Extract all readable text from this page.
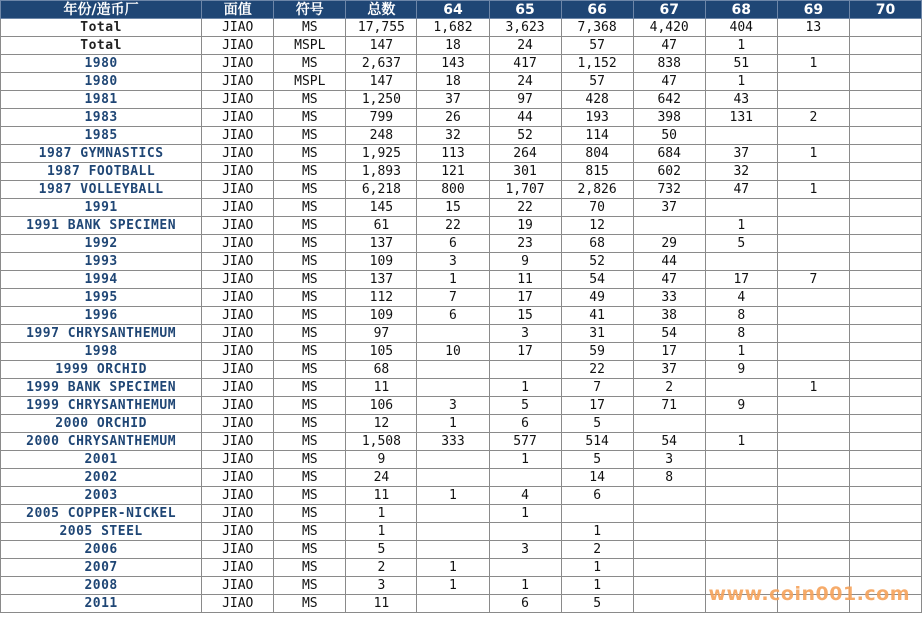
年份/造币厂	面值	符号	总数	64	65	66	67	68	69	70
Total	JIAO	MS	17,755	1,682	3,623	7,368	4,420	404	13	
Total	JIAO	MSPL	147	18	24	57	47	1		
1980	JIAO	MS	2,637	143	417	1,152	838	51	1	
1980	JIAO	MSPL	147	18	24	57	47	1		
1981	JIAO	MS	1,250	37	97	428	642	43		
1983	JIAO	MS	799	26	44	193	398	131	2	
1985	JIAO	MS	248	32	52	114	50			
1987 GYMNASTICS	JIAO	MS	1,925	113	264	804	684	37	1	
1987 FOOTBALL	JIAO	MS	1,893	121	301	815	602	32		
1987 VOLLEYBALL	JIAO	MS	6,218	800	1,707	2,826	732	47	1	
1991	JIAO	MS	145	15	22	70	37			
1991 BANK SPECIMEN	JIAO	MS	61	22	19	12		1		
1992	JIAO	MS	137	6	23	68	29	5		
1993	JIAO	MS	109	3	9	52	44			
1994	JIAO	MS	137	1	11	54	47	17	7	
1995	JIAO	MS	112	7	17	49	33	4		
1996	JIAO	MS	109	6	15	41	38	8		
1997 CHRYSANTHEMUM	JIAO	MS	97		3	31	54	8		
1998	JIAO	MS	105	10	17	59	17	1		
1999 ORCHID	JIAO	MS	68			22	37	9		
1999 BANK SPECIMEN	JIAO	MS	11		1	7	2		1	
1999 CHRYSANTHEMUM	JIAO	MS	106	3	5	17	71	9		
2000 ORCHID	JIAO	MS	12	1	6	5				
2000 CHRYSANTHEMUM	JIAO	MS	1,508	333	577	514	54	1		
2001	JIAO	MS	9		1	5	3			
2002	JIAO	MS	24			14	8			
2003	JIAO	MS	11	1	4	6				
2005 COPPER-NICKEL	JIAO	MS	1		1					
2005 STEEL	JIAO	MS	1			1				
2006	JIAO	MS	5		3	2				
2007	JIAO	MS	2	1		1				
2008	JIAO	MS	3	1	1	1				
2011	JIAO	MS	11		6	5					www.coin001.com
